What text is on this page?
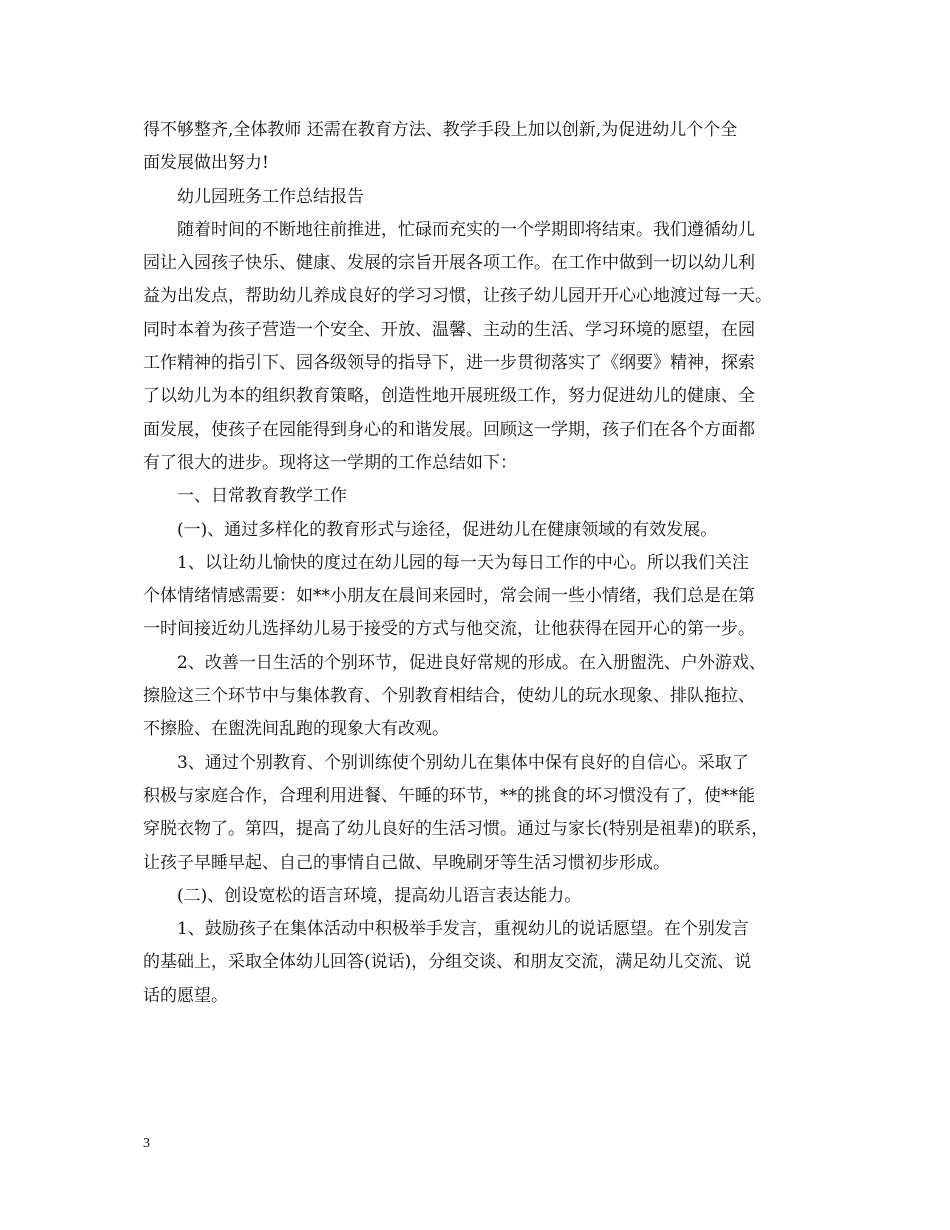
得不够整齐,全体教师 还需在教育方法、教学手段上加以创新,为促进幼儿个个全
面发展做出努力!
幼儿园班务工作总结报告
随着时间的不断地往前推进，忙碌而充实的一个学期即将结束。我们遵循幼儿
园让入园孩子快乐、健康、发展的宗旨开展各项工作。在工作中做到一切以幼儿利
益为出发点，帮助幼儿养成良好的学习习惯，让孩子幼儿园开开心心地渡过每一天。
同时本着为孩子营造一个安全、开放、温馨、主动的生活、学习环境的愿望，在园
工作精神的指引下、园各级领导的指导下，进一步贯彻落实了《纲要》精神，探索
了以幼儿为本的组织教育策略，创造性地开展班级工作，努力促进幼儿的健康、全
面发展，使孩子在园能得到身心的和谐发展。回顾这一学期，孩子们在各个方面都
有了很大的进步。现将这一学期的工作总结如下：
一、日常教育教学工作
(一)、通过多样化的教育形式与途径，促进幼儿在健康领域的有效发展。
1、以让幼儿愉快的度过在幼儿园的每一天为每日工作的中心。所以我们关注
个体情绪情感需要：如**小朋友在晨间来园时，常会闹一些小情绪，我们总是在第
一时间接近幼儿选择幼儿易于接受的方式与他交流，让他获得在园开心的第一步。
2、改善一日生活的个别环节，促进良好常规的形成。在入册盥洗、户外游戏、
擦脸这三个环节中与集体教育、个别教育相结合，使幼儿的玩水现象、排队拖拉、
不擦脸、在盥洗间乱跑的现象大有改观。
3、通过个别教育、个别训练使个别幼儿在集体中保有良好的自信心。采取了
积极与家庭合作，合理利用进餐、午睡的环节，**的挑食的坏习惯没有了，使**能
穿脱衣物了。第四，提高了幼儿良好的生活习惯。通过与家长(特别是祖辈)的联系，
让孩子早睡早起、自己的事情自己做、早晚刷牙等生活习惯初步形成。
(二)、创设宽松的语言环境，提高幼儿语言表达能力。
1、鼓励孩子在集体活动中积极举手发言，重视幼儿的说话愿望。在个别发言
的基础上，采取全体幼儿回答(说话)，分组交谈、和朋友交流，满足幼儿交流、说
话的愿望。
3
